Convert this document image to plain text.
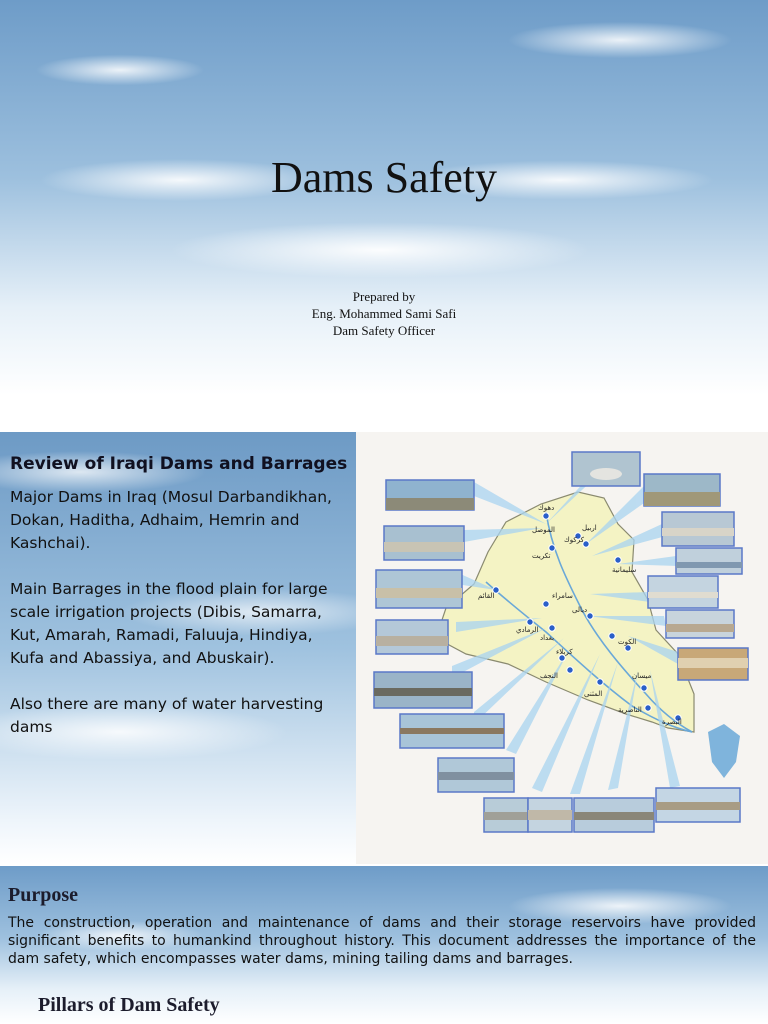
Dams Safety
Prepared by
Eng. Mohammed Sami Safi
Dam Safety Officer
Review of Iraqi Dams and Barrages

Major Dams in Iraq (Mosul Darbandikhan, Dokan, Haditha, Adhaim, Hemrin and Kashchai).

Main Barrages in the flood plain for large scale irrigation projects (Dibis, Samarra, Kut, Amarah, Ramadi, Faluuja, Hindiya, Kufa and Abassiya, and Abuskair).

Also there are many of water harvesting dams

دهوك
الموصل	اربيل
كركوك
تكريت
سليمانية
سامراء
القائم
ديالى
الرمادي
بغداد	الكوت
كربلاء
النجف	ميسان
المثنى
الناصرية
البصرة
Purpose
The construction, operation and maintenance of dams and their storage reservoirs have provided significant benefits to humankind throughout history. This document addresses the importance of the dam safety, which encompasses water dams, mining tailing dams and barrages.
Pillars of Dam Safety
